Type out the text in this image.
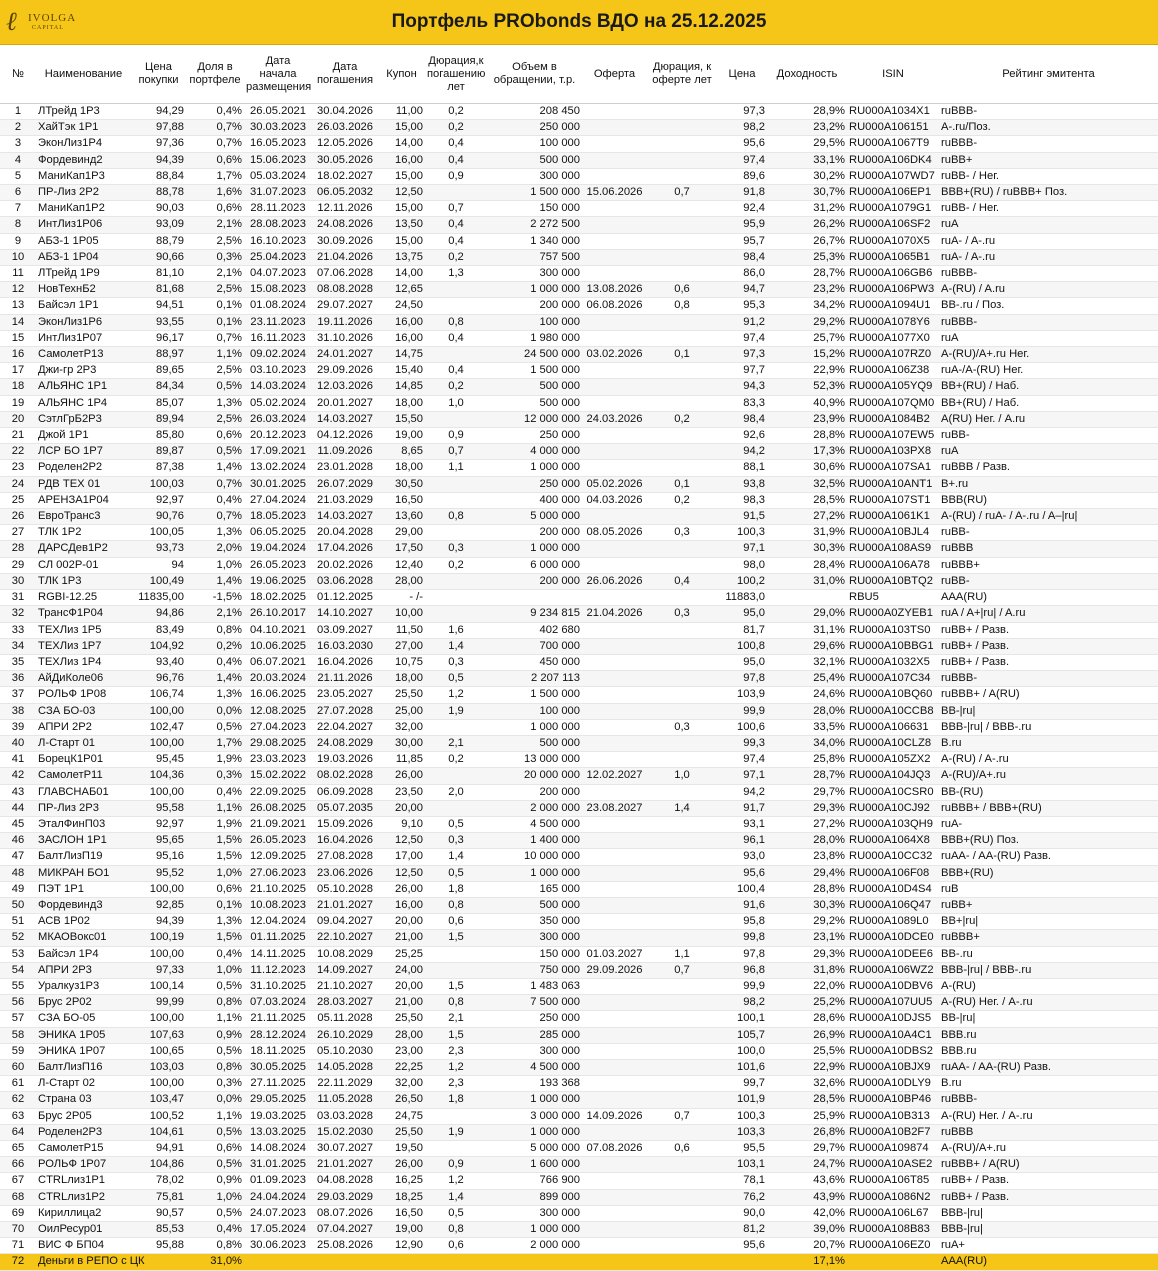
ℓ	IVOLGA
CAPITAL	Портфель PRObonds ВДО на 25.12.2025
№	Наименование	Цена покупки	Доля в портфеле	Дата начала размещения	Дата погашения	Купон	Дюрация,к погашению лет	Объем в обращении, т.р.	Оферта	Дюрация, к оферте лет	Цена	Доходность	ISIN	Рейтинг эмитента
1	ЛТрейд 1Р3	94,29	0,4%	26.05.2021	30.04.2026	11,00	0,2	208 450			97,3	28,9%	RU000A1034X1	ruBBB-
2	ХайТэк 1Р1	97,88	0,7%	30.03.2023	26.03.2026	15,00	0,2	250 000			98,2	23,2%	RU000A106151	A-.ru/Поз.
3	ЭконЛиз1Р4	97,36	0,7%	16.05.2023	12.05.2026	14,00	0,4	100 000			95,6	29,5%	RU000A1067T9	ruBBB-
4	Фордевинд2	94,39	0,6%	15.06.2023	30.05.2026	16,00	0,4	500 000			97,4	33,1%	RU000A106DK4	ruBB+
5	МаниКап1Р3	88,84	1,7%	05.03.2024	18.02.2027	15,00	0,9	300 000			89,6	30,2%	RU000A107WD7	ruBB- / Нег.
6	ПР-Лиз 2Р2	88,78	1,6%	31.07.2023	06.05.2032	12,50		1 500 000	15.06.2026	0,7	91,8	30,7%	RU000A106EP1	BBB+(RU) / ruBBB+ Поз.
7	МаниКап1Р2	90,03	0,6%	28.11.2023	12.11.2026	15,00	0,7	150 000			92,4	31,2%	RU000A1079G1	ruBB- / Нег.
8	ИнтЛиз1Р06	93,09	2,1%	28.08.2023	24.08.2026	13,50	0,4	2 272 500			95,9	26,2%	RU000A106SF2	ruA
9	АБЗ-1 1Р05	88,79	2,5%	16.10.2023	30.09.2026	15,00	0,4	1 340 000			95,7	26,7%	RU000A1070X5	ruA- / A-.ru
10	АБЗ-1 1Р04	90,66	0,3%	25.04.2023	21.04.2026	13,75	0,2	757 500			98,4	25,3%	RU000A1065B1	ruA- / A-.ru
11	ЛТрейд 1Р9	81,10	2,1%	04.07.2023	07.06.2028	14,00	1,3	300 000			86,0	28,7%	RU000A106GB6	ruBBB-
12	НовТехнБ2	81,68	2,5%	15.08.2023	08.08.2028	12,65		1 000 000	13.08.2026	0,6	94,7	23,2%	RU000A106PW3	A-(RU) / A.ru
13	Байсэл 1Р1	94,51	0,1%	01.08.2024	29.07.2027	24,50		200 000	06.08.2026	0,8	95,3	34,2%	RU000A1094U1	BB-.ru / Поз.
14	ЭконЛиз1Р6	93,55	0,1%	23.11.2023	19.11.2026	16,00	0,8	100 000			91,2	29,2%	RU000A1078Y6	ruBBB-
15	ИнтЛиз1Р07	96,17	0,7%	16.11.2023	31.10.2026	16,00	0,4	1 980 000			97,4	25,7%	RU000A1077X0	ruA
16	СамолетР13	88,97	1,1%	09.02.2024	24.01.2027	14,75		24 500 000	03.02.2026	0,1	97,3	15,2%	RU000A107RZ0	A-(RU)/A+.ru Нег.
17	Джи-гр 2Р3	89,65	2,5%	03.10.2023	29.09.2026	15,40	0,4	1 500 000			97,7	22,9%	RU000A106Z38	ruA-/A-(RU) Нег.
18	АЛЬЯНС 1Р1	84,34	0,5%	14.03.2024	12.03.2026	14,85	0,2	500 000			94,3	52,3%	RU000A105YQ9	BB+(RU) / Наб.
19	АЛЬЯНС 1Р4	85,07	1,3%	05.02.2024	20.01.2027	18,00	1,0	500 000			83,3	40,9%	RU000A107QM0	BB+(RU) / Наб.
20	СэтлГрБ2Р3	89,94	2,5%	26.03.2024	14.03.2027	15,50		12 000 000	24.03.2026	0,2	98,4	23,9%	RU000A1084B2	A(RU) Нег. / A.ru
21	Джой 1Р1	85,80	0,6%	20.12.2023	04.12.2026	19,00	0,9	250 000			92,6	28,8%	RU000A107EW5	ruBB-
22	ЛСР БО 1Р7	89,87	0,5%	17.09.2021	11.09.2026	8,65	0,7	4 000 000			94,2	17,3%	RU000A103PX8	ruA
23	Роделен2Р2	87,38	1,4%	13.02.2024	23.01.2028	18,00	1,1	1 000 000			88,1	30,6%	RU000A107SA1	ruBBB / Разв.
24	РДВ ТЕХ 01	100,03	0,7%	30.01.2025	26.07.2029	30,50		250 000	05.02.2026	0,1	93,8	32,5%	RU000A10ANT1	B+.ru
25	АРЕНЗА1Р04	92,97	0,4%	27.04.2024	21.03.2029	16,50		400 000	04.03.2026	0,2	98,3	28,5%	RU000A107ST1	BBB(RU)
26	ЕвроТранс3	90,76	0,7%	18.05.2023	14.03.2027	13,60	0,8	5 000 000			91,5	27,2%	RU000A1061K1	A-(RU) / ruA- / A-.ru / A–|ru|
27	ТЛК 1Р2	100,05	1,3%	06.05.2025	20.04.2028	29,00		200 000	08.05.2026	0,3	100,3	31,9%	RU000A10BJL4	ruBB-
28	ДАРСДев1Р2	93,73	2,0%	19.04.2024	17.04.2026	17,50	0,3	1 000 000			97,1	30,3%	RU000A108AS9	ruBBB
29	СЛ 002Р-01	94	1,0%	26.05.2023	20.02.2026	12,40	0,2	6 000 000			98,0	28,4%	RU000A106A78	ruBBB+
30	ТЛК 1Р3	100,49	1,4%	19.06.2025	03.06.2028	28,00		200 000	26.06.2026	0,4	100,2	31,0%	RU000A10BTQ2	ruBB-
31	RGBI-12.25	11835,00	-1,5%	18.02.2025	01.12.2025	- /-					11883,0		RBU5	AAA(RU)
32	ТрансФ1Р04	94,86	2,1%	26.10.2017	14.10.2027	10,00		9 234 815	21.04.2026	0,3	95,0	29,0%	RU000A0ZYEB1	ruA / A+|ru| / A.ru
33	ТЕХЛиз 1Р5	83,49	0,8%	04.10.2021	03.09.2027	11,50	1,6	402 680			81,7	31,1%	RU000A103TS0	ruBB+ / Разв.
34	ТЕХЛиз 1Р7	104,92	0,2%	10.06.2025	16.03.2030	27,00	1,4	700 000			100,8	29,6%	RU000A10BBG1	ruBB+ / Разв.
35	ТЕХЛиз 1Р4	93,40	0,4%	06.07.2021	16.04.2026	10,75	0,3	450 000			95,0	32,1%	RU000A1032X5	ruBB+ / Разв.
36	АйДиКоле06	96,76	1,4%	20.03.2024	21.11.2026	18,00	0,5	2 207 113			97,8	25,4%	RU000A107C34	ruBBB-
37	РОЛЬФ 1Р08	106,74	1,3%	16.06.2025	23.05.2027	25,50	1,2	1 500 000			103,9	24,6%	RU000A10BQ60	ruBBB+ / A(RU)
38	СЗА БО-03	100,00	0,0%	12.08.2025	27.07.2028	25,00	1,9	100 000			99,9	28,0%	RU000A10CCB8	BB-|ru|
39	АПРИ 2Р2	102,47	0,5%	27.04.2023	22.04.2027	32,00		1 000 000		0,3	100,6	33,5%	RU000A106631	BBB-|ru| / BBB-.ru
40	Л-Старт 01	100,00	1,7%	29.08.2025	24.08.2029	30,00	2,1	500 000			99,3	34,0%	RU000A10CLZ8	B.ru
41	БорецК1Р01	95,45	1,9%	23.03.2023	19.03.2026	11,85	0,2	13 000 000			97,4	25,8%	RU000A105ZX2	A-(RU) / A-.ru
42	СамолетР11	104,36	0,3%	15.02.2022	08.02.2028	26,00		20 000 000	12.02.2027	1,0	97,1	28,7%	RU000A104JQ3	A-(RU)/A+.ru
43	ГЛАВСНАБ01	100,00	0,4%	22.09.2025	06.09.2028	23,50	2,0	200 000			94,2	29,7%	RU000A10CSR0	BB-(RU)
44	ПР-Лиз 2Р3	95,58	1,1%	26.08.2025	05.07.2035	20,00		2 000 000	23.08.2027	1,4	91,7	29,3%	RU000A10CJ92	ruBBB+ / BBB+(RU)
45	ЭталФинП03	92,97	1,9%	21.09.2021	15.09.2026	9,10	0,5	4 500 000			93,1	27,2%	RU000A103QH9	ruA-
46	ЗАСЛОН 1Р1	95,65	1,5%	26.05.2023	16.04.2026	12,50	0,3	1 400 000			96,1	28,0%	RU000A1064X8	BBB+(RU) Поз.
47	БалтЛизП19	95,16	1,5%	12.09.2025	27.08.2028	17,00	1,4	10 000 000			93,0	23,8%	RU000A10CC32	ruAA- / AA-(RU) Разв.
48	МИКРАН БО1	95,52	1,0%	27.06.2023	23.06.2026	12,50	0,5	1 000 000			95,6	29,4%	RU000A106F08	BBB+(RU)
49	ПЭТ 1Р1	100,00	0,6%	21.10.2025	05.10.2028	26,00	1,8	165 000			100,4	28,8%	RU000A10D4S4	ruB
50	Фордевинд3	92,85	0,1%	10.08.2023	21.01.2027	16,00	0,8	500 000			91,6	30,3%	RU000A106Q47	ruBB+
51	АСВ 1Р02	94,39	1,3%	12.04.2024	09.04.2027	20,00	0,6	350 000			95,8	29,2%	RU000A1089L0	BB+|ru|
52	МКАОВокс01	100,19	1,5%	01.11.2025	22.10.2027	21,00	1,5	300 000			99,8	23,1%	RU000A10DCE0	ruBBB+
53	Байсэл 1Р4	100,00	0,4%	14.11.2025	10.08.2029	25,25		150 000	01.03.2027	1,1	97,8	29,3%	RU000A10DEE6	BB-.ru
54	АПРИ 2Р3	97,33	1,0%	11.12.2023	14.09.2027	24,00		750 000	29.09.2026	0,7	96,8	31,8%	RU000A106WZ2	BBB-|ru| / BBB-.ru
55	Уралкуз1Р3	100,14	0,5%	31.10.2025	21.10.2027	20,00	1,5	1 483 063			99,9	22,0%	RU000A10DBV6	A-(RU)
56	Брус 2Р02	99,99	0,8%	07.03.2024	28.03.2027	21,00	0,8	7 500 000			98,2	25,2%	RU000A107UU5	A-(RU) Нег. / A-.ru
57	СЗА БО-05	100,00	1,1%	21.11.2025	05.11.2028	25,50	2,1	250 000			100,1	28,6%	RU000A10DJS5	BB-|ru|
58	ЭНИКА 1Р05	107,63	0,9%	28.12.2024	26.10.2029	28,00	1,5	285 000			105,7	26,9%	RU000A10A4C1	BBB.ru
59	ЭНИКА 1Р07	100,65	0,5%	18.11.2025	05.10.2030	23,00	2,3	300 000			100,0	25,5%	RU000A10DBS2	BBB.ru
60	БалтЛизП16	103,03	0,8%	30.05.2025	14.05.2028	22,25	1,2	4 500 000			101,6	22,9%	RU000A10BJX9	ruAA- / AA-(RU) Разв.
61	Л-Старт 02	100,00	0,3%	27.11.2025	22.11.2029	32,00	2,3	193 368			99,7	32,6%	RU000A10DLY9	B.ru
62	Страна 03	103,47	0,0%	29.05.2025	11.05.2028	26,50	1,8	1 000 000			101,9	28,5%	RU000A10BP46	ruBBB-
63	Брус 2Р05	100,52	1,1%	19.03.2025	03.03.2028	24,75		3 000 000	14.09.2026	0,7	100,3	25,9%	RU000A10B313	A-(RU) Нег. / A-.ru
64	Роделен2Р3	104,61	0,5%	13.03.2025	15.02.2030	25,50	1,9	1 000 000			103,3	26,8%	RU000A10B2F7	ruBBB
65	СамолетР15	94,91	0,6%	14.08.2024	30.07.2027	19,50		5 000 000	07.08.2026	0,6	95,5	29,7%	RU000A109874	A-(RU)/A+.ru
66	РОЛЬФ 1Р07	104,86	0,5%	31.01.2025	21.01.2027	26,00	0,9	1 600 000			103,1	24,7%	RU000A10ASE2	ruBBB+ / A(RU)
67	CTRLлиз1Р1	78,02	0,9%	01.09.2023	04.08.2028	16,25	1,2	766 900			78,1	43,6%	RU000A106T85	ruBB+ / Разв.
68	CTRLлиз1Р2	75,81	1,0%	24.04.2024	29.03.2029	18,25	1,4	899 000			76,2	43,9%	RU000A1086N2	ruBB+ / Разв.
69	Кириллица2	90,57	0,5%	24.07.2023	08.07.2026	16,50	0,5	300 000			90,0	42,0%	RU000A106L67	BBB-|ru|
70	ОилРесур01	85,53	0,4%	17.05.2024	07.04.2027	19,00	0,8	1 000 000			81,2	39,0%	RU000A108B83	BBB-|ru|
71	ВИС Ф БП04	95,88	0,8%	30.06.2023	25.08.2026	12,90	0,6	2 000 000			95,6	20,7%	RU000A106EZ0	ruA+
72	Деньги в РЕПО с ЦК		31,0%									17,1%		AAA(RU)
